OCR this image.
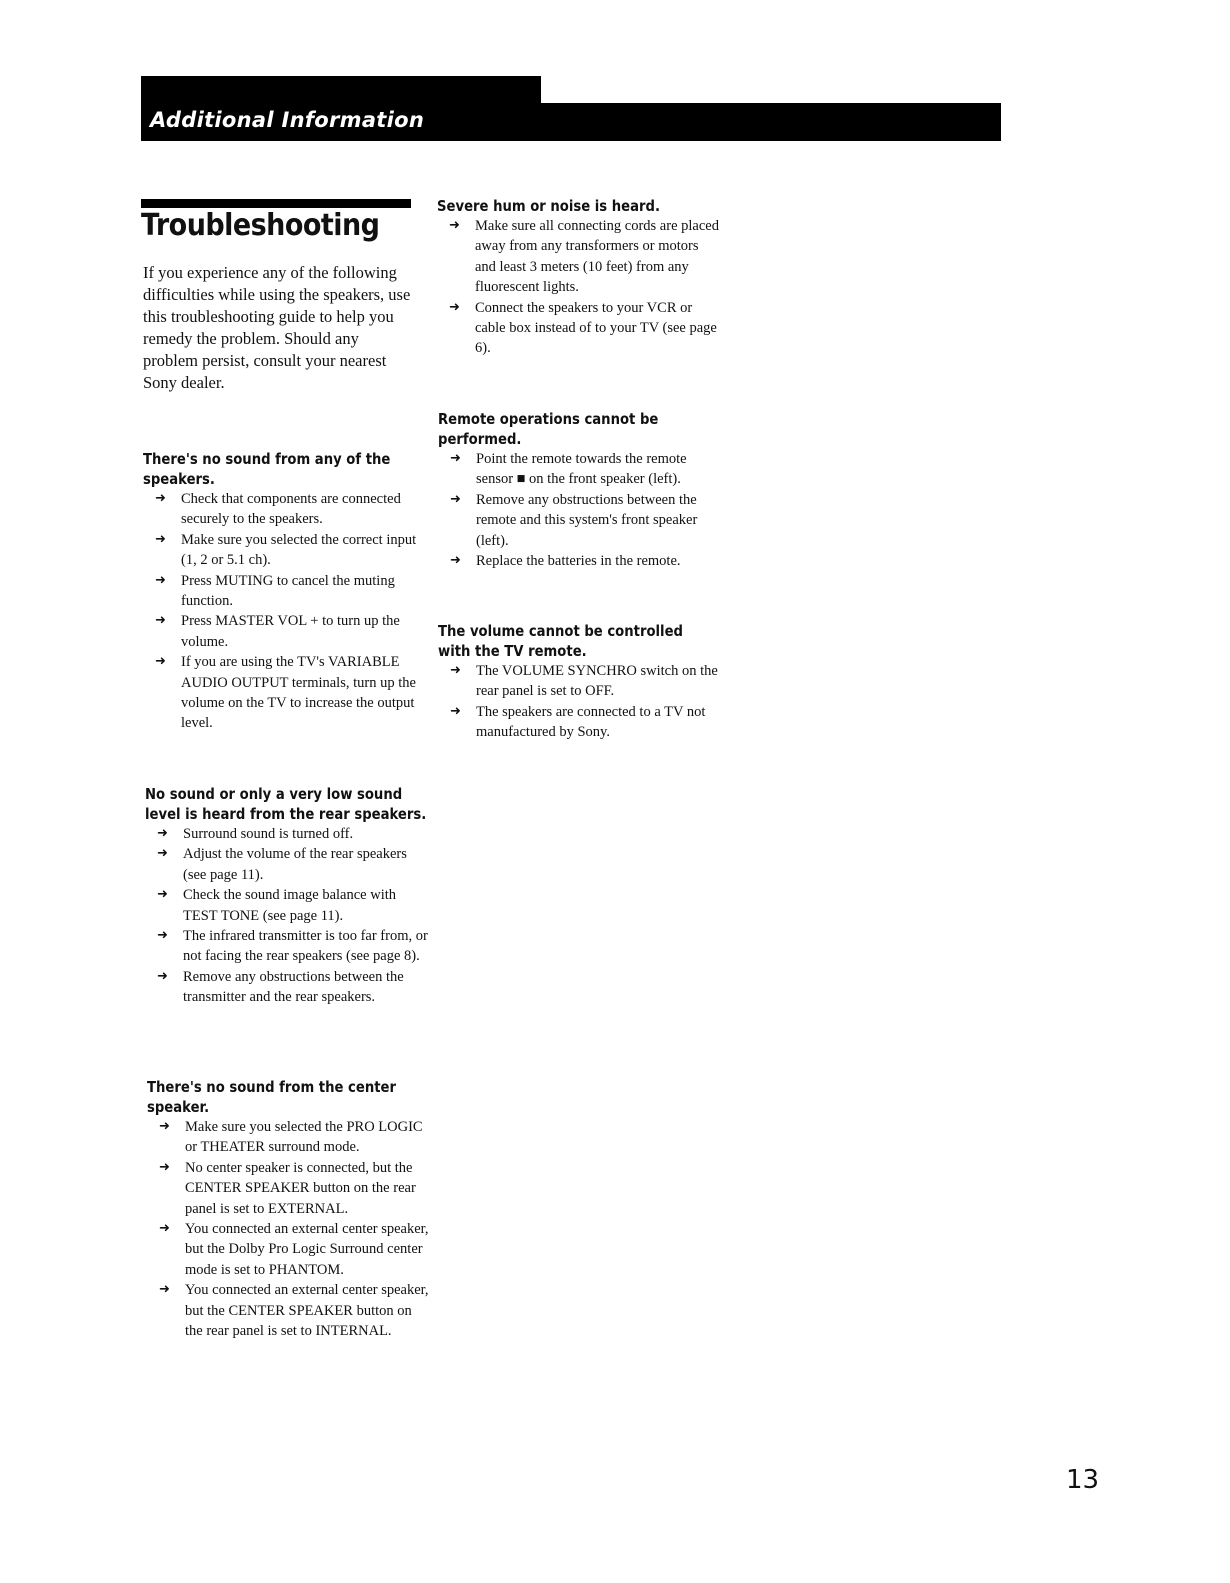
Additional Information
Troubleshooting

If you experience any of the following difficulties while using the speakers, use this troubleshooting guide to help you remedy the problem. Should any problem persist, consult your nearest Sony dealer.

There's no sound from any of the speakers.
➜ Check that components are connected securely to the speakers.
➜ Make sure you selected the correct input (1, 2 or 5.1 ch).
➜ Press MUTING to cancel the muting function.
➜ Press MASTER VOL + to turn up the volume.
➜ If you are using the TV's VARIABLE AUDIO OUTPUT terminals, turn up the volume on the TV to increase the output level.
No sound or only a very low sound level is heard from the rear speakers.
➜ Surround sound is turned off.
➜ Adjust the volume of the rear speakers (see page 11).
➜ Check the sound image balance with TEST TONE (see page 11).
➜ The infrared transmitter is too far from, or not facing the rear speakers (see page 8).
➜ Remove any obstructions between the transmitter and the rear speakers.
There's no sound from the center speaker.
➜ Make sure you selected the PRO LOGIC or THEATER surround mode.
➜ No center speaker is connected, but the CENTER SPEAKER button on the rear panel is set to EXTERNAL.
➜ You connected an external center speaker, but the Dolby Pro Logic Surround center mode is set to PHANTOM.
➜ You connected an external center speaker, but the CENTER SPEAKER button on the rear panel is set to INTERNAL.
Severe hum or noise is heard.
➜ Make sure all connecting cords are placed away from any transformers or motors and least 3 meters (10 feet) from any fluorescent lights.
➜ Connect the speakers to your VCR or cable box instead of to your TV (see page 6).
Remote operations cannot be performed.
➜ Point the remote towards the remote sensor ■ on the front speaker (left).
➜ Remove any obstructions between the remote and this system's front speaker (left).
➜ Replace the batteries in the remote.
The volume cannot be controlled with the TV remote.
➜ The VOLUME SYNCHRO switch on the rear panel is set to OFF.
➜ The speakers are connected to a TV not manufactured by Sony.
13
